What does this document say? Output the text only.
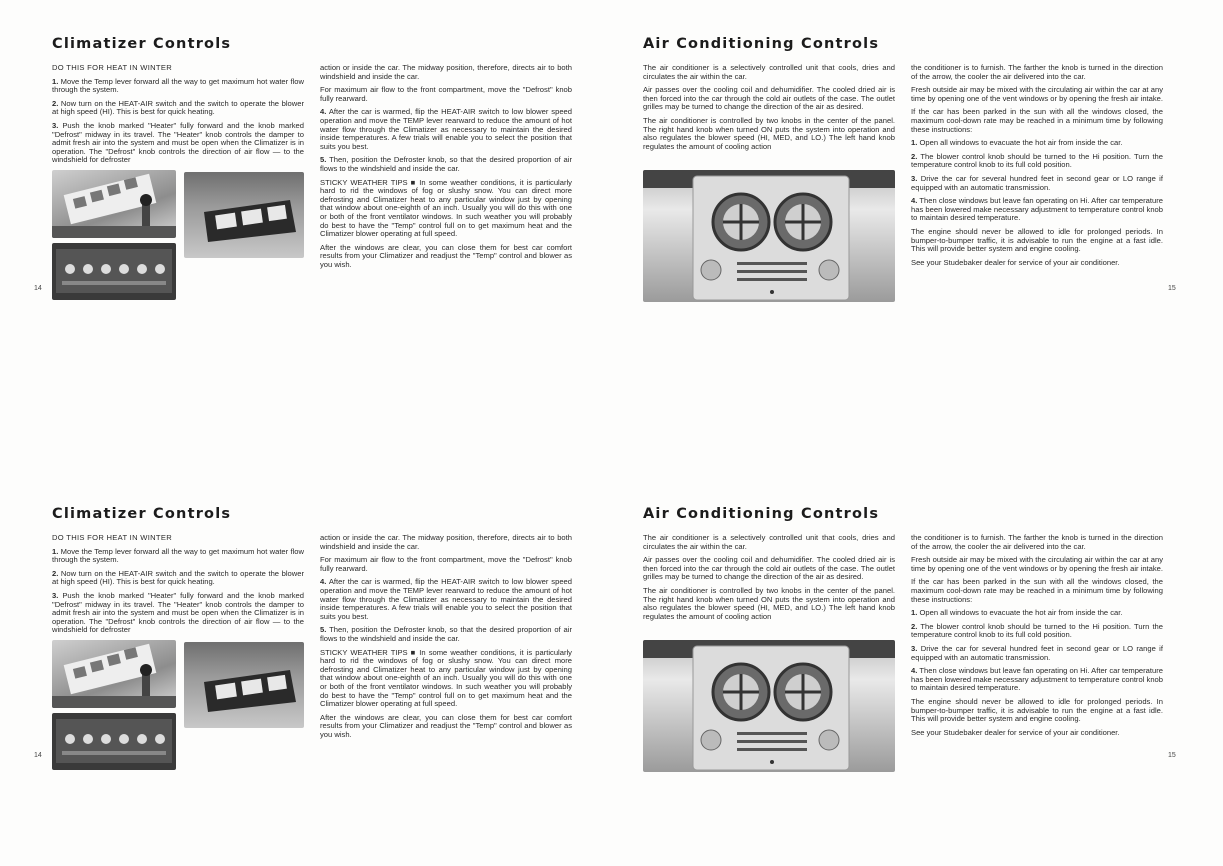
Climatizer Controls

DO THIS FOR HEAT IN WINTER

1. Move the Temp lever forward all the way to get maximum hot water flow through the system.

2. Now turn on the HEAT-AIR switch and the switch to operate the blower at high speed (HI). This is best for quick heating.

3. Push the knob marked "Heater" fully forward and the knob marked "Defrost" midway in its travel. The "Heater" knob controls the damper to admit fresh air into the system and must be open when the Climatizer is in operation. The "Defrost" knob controls the direction of air flow — to the windshield for defroster

action or inside the car. The midway position, therefore, directs air to both windshield and inside the car.

For maximum air flow to the front compartment, move the "Defrost" knob fully rearward.

4. After the car is warmed, flip the HEAT-AIR switch to low blower speed operation and move the TEMP lever rearward to reduce the amount of hot water flow through the Climatizer as necessary to maintain the desired inside temperatures. A few trials will enable you to select the position that suits you best.

5. Then, position the Defroster knob, so that the desired proportion of air flows to the windshield and inside the car.

STICKY WEATHER TIPS ■ In some weather conditions, it is particularly hard to rid the windows of fog or slushy snow. You can direct more defrosting and Climatizer heat to any particular window just by opening that window about one-eighth of an inch. Usually you will do this with one or both of the front ventilator windows. In such weather you will probably do best to have the "Temp" control full on to get maximum heat and the Climatizer blower operating at full speed.

After the windows are clear, you can close them for best car comfort results from your Climatizer and readjust the "Temp" control and blower as you wish.

14
Air Conditioning Controls

The air conditioner is a selectively controlled unit that cools, dries and circulates the air within the car.

Air passes over the cooling coil and dehumidifier. The cooled dried air is then forced into the car through the cold air outlets of the case. The outlet grilles may be turned to change the direction of the air as desired.

The air conditioner is controlled by two knobs in the center of the panel. The right hand knob when turned ON puts the system into operation and also regulates the blower speed (HI, MED, and LO.) The left hand knob regulates the amount of cooling action

the conditioner is to furnish. The farther the knob is turned in the direction of the arrow, the cooler the air delivered into the car.

Fresh outside air may be mixed with the circulating air within the car at any time by opening one of the vent windows or by opening the fresh air intake.

If the car has been parked in the sun with all the windows closed, the maximum cool-down rate may be reached in a minimum time by following these instructions:

1. Open all windows to evacuate the hot air from inside the car.

2. The blower control knob should be turned to the Hi position. Turn the temperature control knob to its full cold position.

3. Drive the car for several hundred feet in second gear or LO range if equipped with an automatic transmission.

4. Then close windows but leave fan operating on Hi. After car temperature has been lowered make necessary adjustment to temperature control knob to maintain desired temperature.

The engine should never be allowed to idle for prolonged periods. In bumper-to-bumper traffic, it is advisable to run the engine at a fast idle. This will provide better system and engine cooling.

See your Studebaker dealer for service of your air conditioner.

15
Climatizer Controls

DO THIS FOR HEAT IN WINTER

1. Move the Temp lever forward all the way to get maximum hot water flow through the system.

2. Now turn on the HEAT-AIR switch and the switch to operate the blower at high speed (HI). This is best for quick heating.

3. Push the knob marked "Heater" fully forward and the knob marked "Defrost" midway in its travel. The "Heater" knob controls the damper to admit fresh air into the system and must be open when the Climatizer is in operation. The "Defrost" knob controls the direction of air flow — to the windshield for defroster

action or inside the car. The midway position, therefore, directs air to both windshield and inside the car.

For maximum air flow to the front compartment, move the "Defrost" knob fully rearward.

4. After the car is warmed, flip the HEAT-AIR switch to low blower speed operation and move the TEMP lever rearward to reduce the amount of hot water flow through the Climatizer as necessary to maintain the desired inside temperatures. A few trials will enable you to select the position that suits you best.

5. Then, position the Defroster knob, so that the desired proportion of air flows to the windshield and inside the car.

STICKY WEATHER TIPS ■ In some weather conditions, it is particularly hard to rid the windows of fog or slushy snow. You can direct more defrosting and Climatizer heat to any particular window just by opening that window about one-eighth of an inch. Usually you will do this with one or both of the front ventilator windows. In such weather you will probably do best to have the "Temp" control full on to get maximum heat and the Climatizer blower operating at full speed.

After the windows are clear, you can close them for best car comfort results from your Climatizer and readjust the "Temp" control and blower as you wish.

14
Air Conditioning Controls

The air conditioner is a selectively controlled unit that cools, dries and circulates the air within the car.

Air passes over the cooling coil and dehumidifier. The cooled dried air is then forced into the car through the cold air outlets of the case. The outlet grilles may be turned to change the direction of the air as desired.

The air conditioner is controlled by two knobs in the center of the panel. The right hand knob when turned ON puts the system into operation and also regulates the blower speed (HI, MED, and LO.) The left hand knob regulates the amount of cooling action

the conditioner is to furnish. The farther the knob is turned in the direction of the arrow, the cooler the air delivered into the car.

Fresh outside air may be mixed with the circulating air within the car at any time by opening one of the vent windows or by opening the fresh air intake.

If the car has been parked in the sun with all the windows closed, the maximum cool-down rate may be reached in a minimum time by following these instructions:

1. Open all windows to evacuate the hot air from inside the car.

2. The blower control knob should be turned to the Hi position. Turn the temperature control knob to its full cold position.

3. Drive the car for several hundred feet in second gear or LO range if equipped with an automatic transmission.

4. Then close windows but leave fan operating on Hi. After car temperature has been lowered make necessary adjustment to temperature control knob to maintain desired temperature.

The engine should never be allowed to idle for prolonged periods. In bumper-to-bumper traffic, it is advisable to run the engine at a fast idle. This will provide better system and engine cooling.

See your Studebaker dealer for service of your air conditioner.

15
